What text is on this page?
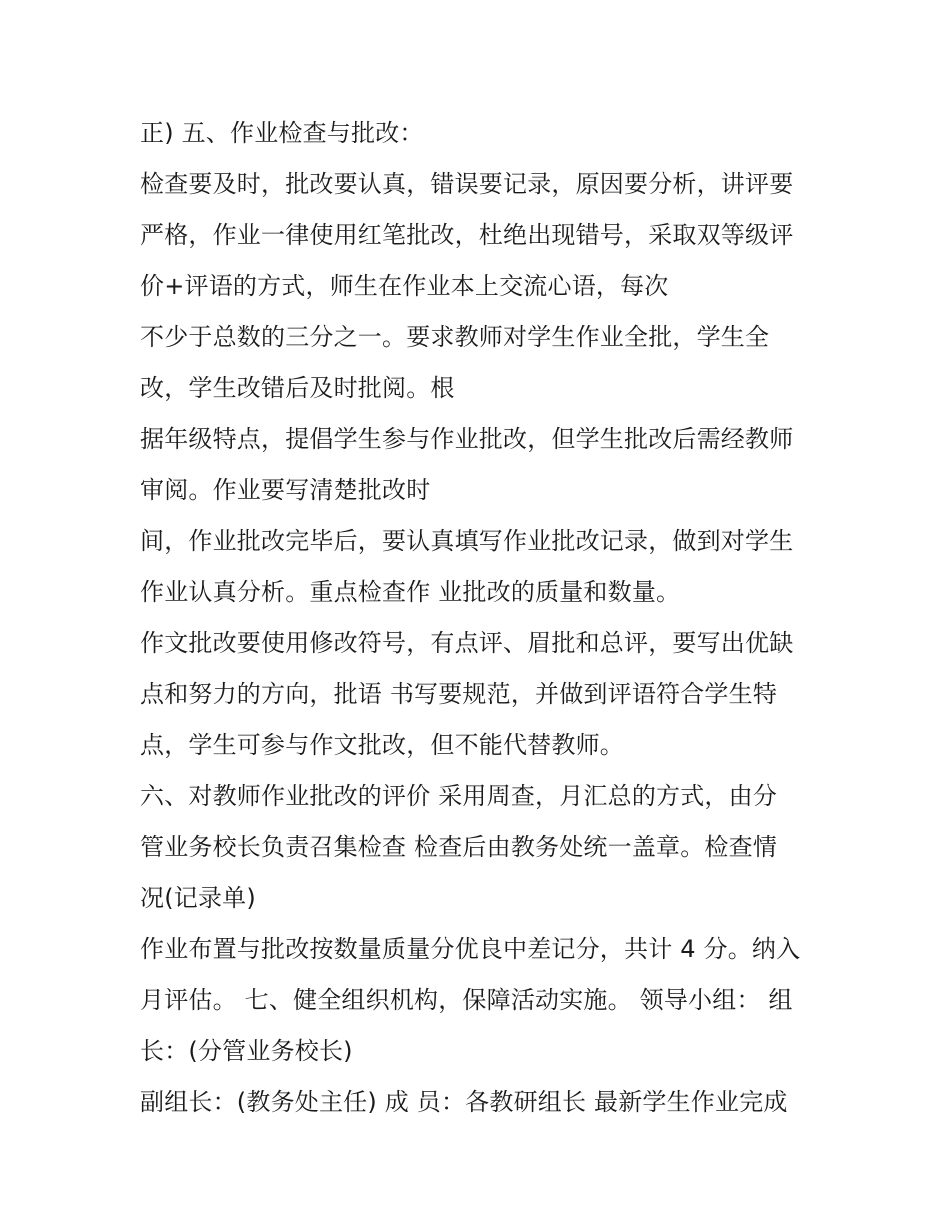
正) 五、作业检查与批改：
检查要及时，批改要认真，错误要记录，原因要分析，讲评要
严格，作业一律使用红笔批改，杜绝出现错号，采取双等级评
价+评语的方式，师生在作业本上交流心语，每次
不少于总数的三分之一。要求教师对学生作业全批，学生全
改，学生改错后及时批阅。根
据年级特点，提倡学生参与作业批改，但学生批改后需经教师
审阅。作业要写清楚批改时
间，作业批改完毕后，要认真填写作业批改记录，做到对学生
作业认真分析。重点检查作 业批改的质量和数量。
作文批改要使用修改符号，有点评、眉批和总评，要写出优缺
点和努力的方向，批语 书写要规范，并做到评语符合学生特
点，学生可参与作文批改，但不能代替教师。
六、对教师作业批改的评价 采用周查，月汇总的方式，由分
管业务校长负责召集检查 检查后由教务处统一盖章。检查情
况(记录单)
作业布置与批改按数量质量分优良中差记分，共计 4 分。纳入
月评估。 七、健全组织机构，保障活动实施。 领导小组： 组
长：(分管业务校长)
副组长：(教务处主任) 成 员：各教研组长 最新学生作业完成
